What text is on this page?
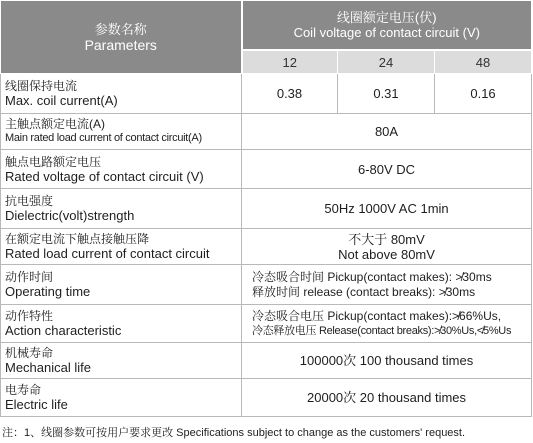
参数名称
Parameters	线圈额定电压(伏)
Coil voltage of contact circuit (V)		

	12	24	48

线圈保持电流
Max. coil current(A)	0.38	0.31	0.16

主触点额定电流(A)
Main rated load current of contact circuit(A)	80A		

触点电路额定电压
Rated voltage of contact circuit (V)	6-80V DC		

抗电强度
Dielectric(volt)strength	50Hz 1000V AC 1min		

在额定电流下触点接触压降
Rated load current of contact circuit	不大于 80mV
Not above 80mV		

动作时间
Operating time	冷态吸合时间 Pickup(contact makes): ≯30ms
释放时间 release (contact breaks): ≯30ms		

动作特性
Action characteristic	冷态吸合电压 Pickup(contact makes):≯66%Us,
冷态释放电压 Release(contact breaks):≯30%Us,≮5%Us		

机械寿命
Mechanical life	100000次 100 thousand times		

电寿命
Electric life	20000次 20 thousand times		
注：1、线圈参数可按用户要求更改 Specifications subject to change as the customers' request.
